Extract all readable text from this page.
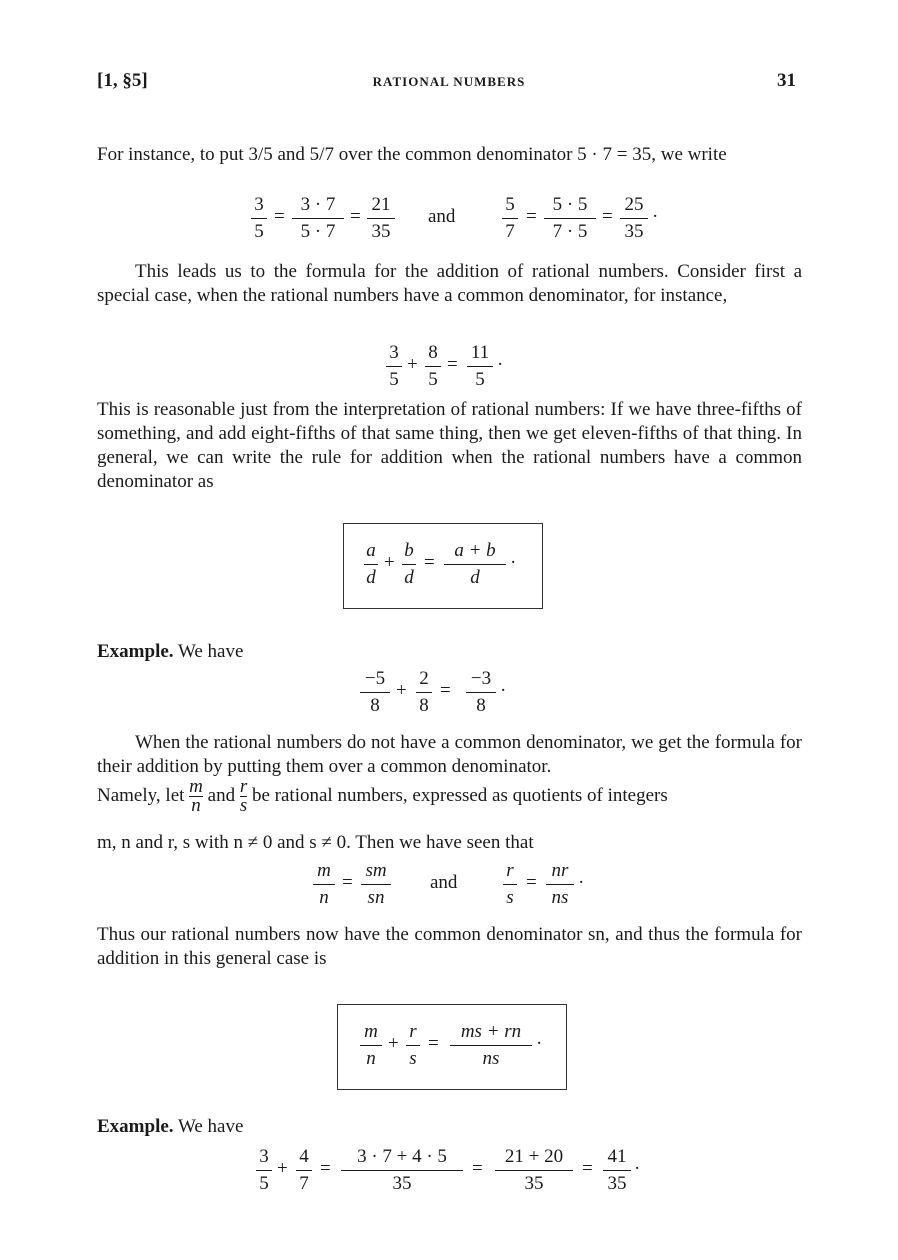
[1, §5]	RATIONAL NUMBERS	31

For instance, to put 3/5 and 5/7 over the common denominator 5 · 7 = 35, we write

3
5
=
3 · 7
5 · 7
=
21
35
and
5
7
=
5 · 5
7 · 5
=
25
35
·

This leads us to the formula for the addition of rational numbers. Consider first a special case, when the rational numbers have a common denominator, for instance,

3
5
+
8
5
=
11
5
·

This is reasonable just from the interpretation of rational numbers: If we have three-fifths of something, and add eight-fifths of that same thing, then we get eleven-fifths of that thing. In general, we can write the rule for addition when the rational numbers have a common denominator as

a
d
+
b
d
=
a + b
d
·
Example. We have
−5
8
+
2
8
=
−3
8
·

When the rational numbers do not have a common denominator, we get the formula for their addition by putting them over a common denominator.

Namely, let $\frac{m}{n}$ and $\frac{r}{s}$ be rational numbers, expressed as quotients of integers

m, n and r, s with n ≠ 0 and s ≠ 0. Then we have seen that

m
n
=
sm
sn
and
r
s
=
nr
ns
·

Thus our rational numbers now have the common denominator sn, and thus the formula for addition in this general case is

m
n
+
r
s
=
ms + rn
ns
·
Example. We have
3
5
+
4
7
=
3 · 7 + 4 · 5
35
=
21 + 20
35
=
41
35
·
